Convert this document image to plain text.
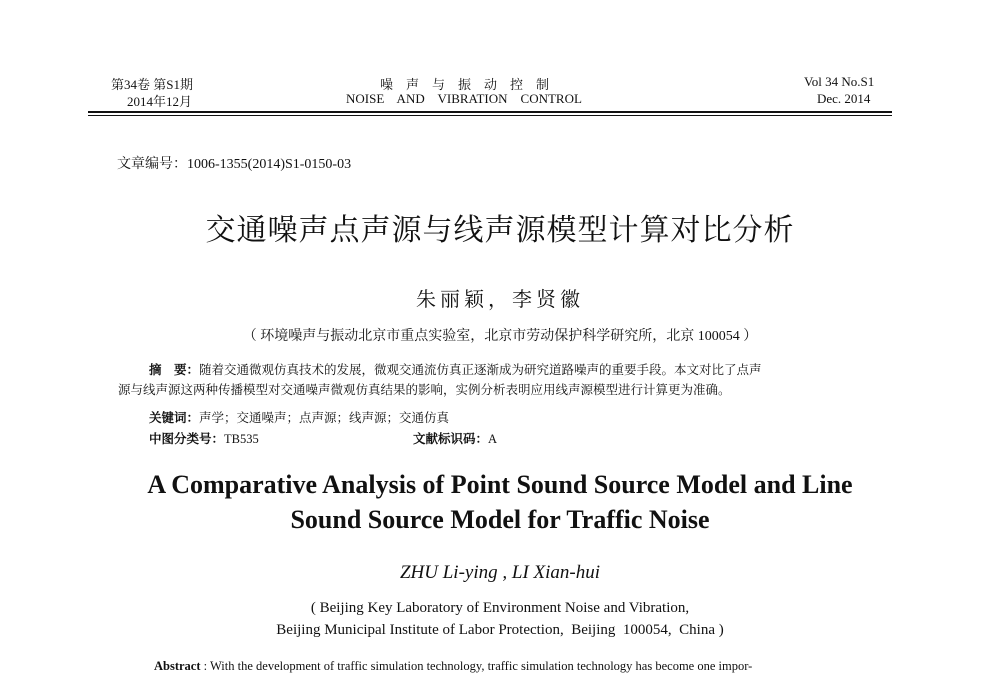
第34卷 第S1期
2014年12月
噪　声　与　振　动　控　制
NOISE    AND    VIBRATION    CONTROL
Vol 34 No.S1
Dec. 2014
文章编号：1006-1355(2014)S1-0150-03
交通噪声点声源与线声源模型计算对比分析
朱丽颖，李贤徽
（ 环境噪声与振动北京市重点实验室，北京市劳动保护科学研究所，北京 100054 ）
摘　要：随着交通微观仿真技术的发展，微观交通流仿真正逐渐成为研究道路噪声的重要手段。本文对比了点声
源与线声源这两种传播模型对交通噪声微观仿真结果的影响，实例分析表明应用线声源模型进行计算更为准确。
关键词：声学；交通噪声；点声源；线声源；交通仿真
中图分类号：TB535	文献标识码：A
A Comparative Analysis of Point Sound Source Model and Line
Sound Source Model for Traffic Noise
ZHU Li-ying , LI Xian-hui
( Beijing Key Laboratory of Environment Noise and Vibration,
Beijing Municipal Institute of Labor Protection,  Beijing  100054,  China )
Abstract : With the development of traffic simulation technology, traffic simulation technology has become one impor-
